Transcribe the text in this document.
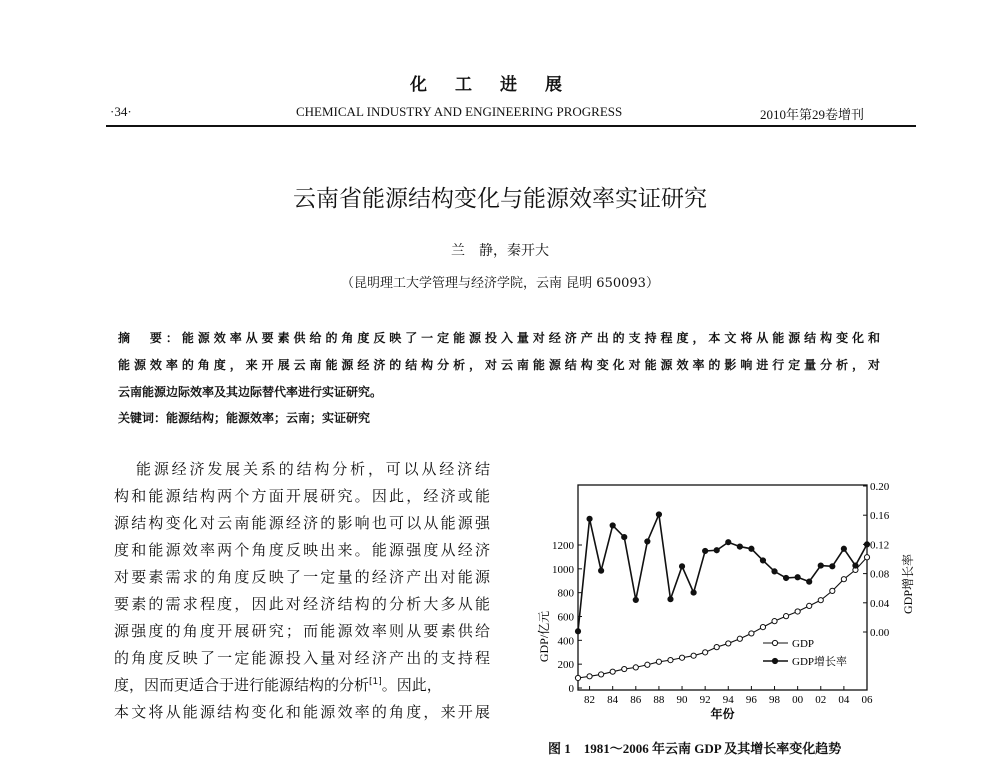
化工进展
·34·	CHEMICAL INDUSTRY AND ENGINEERING PROGRESS	2010年第29卷增刊
云南省能源结构变化与能源效率实证研究
兰　静，秦开大
（昆明理工大学管理与经济学院，云南 昆明 650093）
摘　要：能源效率从要素供给的角度反映了一定能源投入量对经济产出的支持程度，本文将从能源结构变化和
能源效率的角度，来开展云南能源经济的结构分析，对云南能源结构变化对能源效率的影响进行定量分析，对
云南能源边际效率及其边际替代率进行实证研究。
关键词：能源结构；能源效率；云南；实证研究
能源经济发展关系的结构分析，可以从经济结
构和能源结构两个方面开展研究。因此，经济或能
源结构变化对云南能源经济的影响也可以从能源强
度和能源效率两个角度反映出来。能源强度从经济
对要素需求的角度反映了一定量的经济产出对能源
要素的需求程度，因此对经济结构的分析大多从能
源强度的角度开展研究；而能源效率则从要素供给
的角度反映了一定能源投入量对经济产出的支持程
度，因而更适合于进行能源结构的分析[1]。因此，
本文将从能源结构变化和能源效率的角度，来开展
0
200
400
600
800
1000
1200
0.00
0.04
0.08
0.12
0.16
0.20
82 84 86 88 90 92 94 96 98 00 02 04 06
年份
GDP/亿元
GDP增长率
GDP
GDP增长率
图 1　1981～2006 年云南 GDP 及其增长率变化趋势
